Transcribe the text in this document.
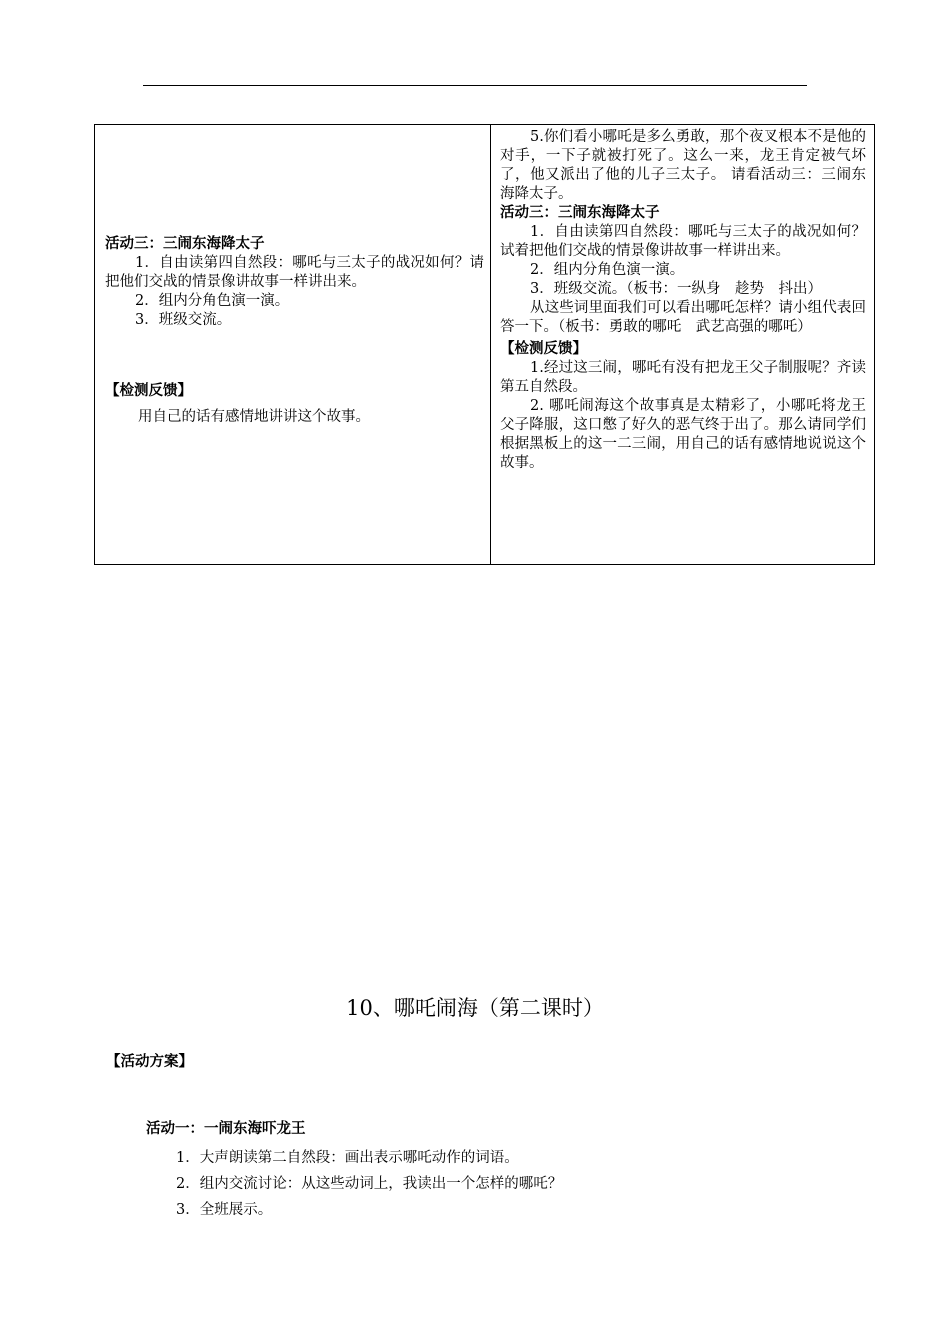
活动三：三闹东海降太子

1．自由读第四自然段：哪吒与三太子的战况如何？请把他们交战的情景像讲故事一样讲出来。

2．组内分角色演一演。

3．班级交流。

【检测反馈】

用自己的话有感情地讲讲这个故事。

5.你们看小哪吒是多么勇敢，那个夜叉根本不是他的对手，一下子就被打死了。这么一来，龙王肯定被气坏了，他又派出了他的儿子三太子。 请看活动三：三闹东海降太子。

活动三：三闹东海降太子

1．自由读第四自然段：哪吒与三太子的战况如何？试着把他们交战的情景像讲故事一样讲出来。

2．组内分角色演一演。

3．班级交流。（板书：一纵身　趁势　抖出）

从这些词里面我们可以看出哪吒怎样？请小组代表回答一下。（板书：勇敢的哪吒　武艺高强的哪吒）

【检测反馈】

1.经过这三闹，哪吒有没有把龙王父子制服呢？齐读第五自然段。

2. 哪吒闹海这个故事真是太精彩了，小哪吒将龙王父子降服，这口憋了好久的恶气终于出了。那么请同学们根据黑板上的这一二三闹，用自己的话有感情地说说这个故事。

10、哪吒闹海（第二课时）
【活动方案】

活动一：一闹东海吓龙王

1．大声朗读第二自然段：画出表示哪吒动作的词语。

2．组内交流讨论：从这些动词上，我读出一个怎样的哪吒？

3．全班展示。
